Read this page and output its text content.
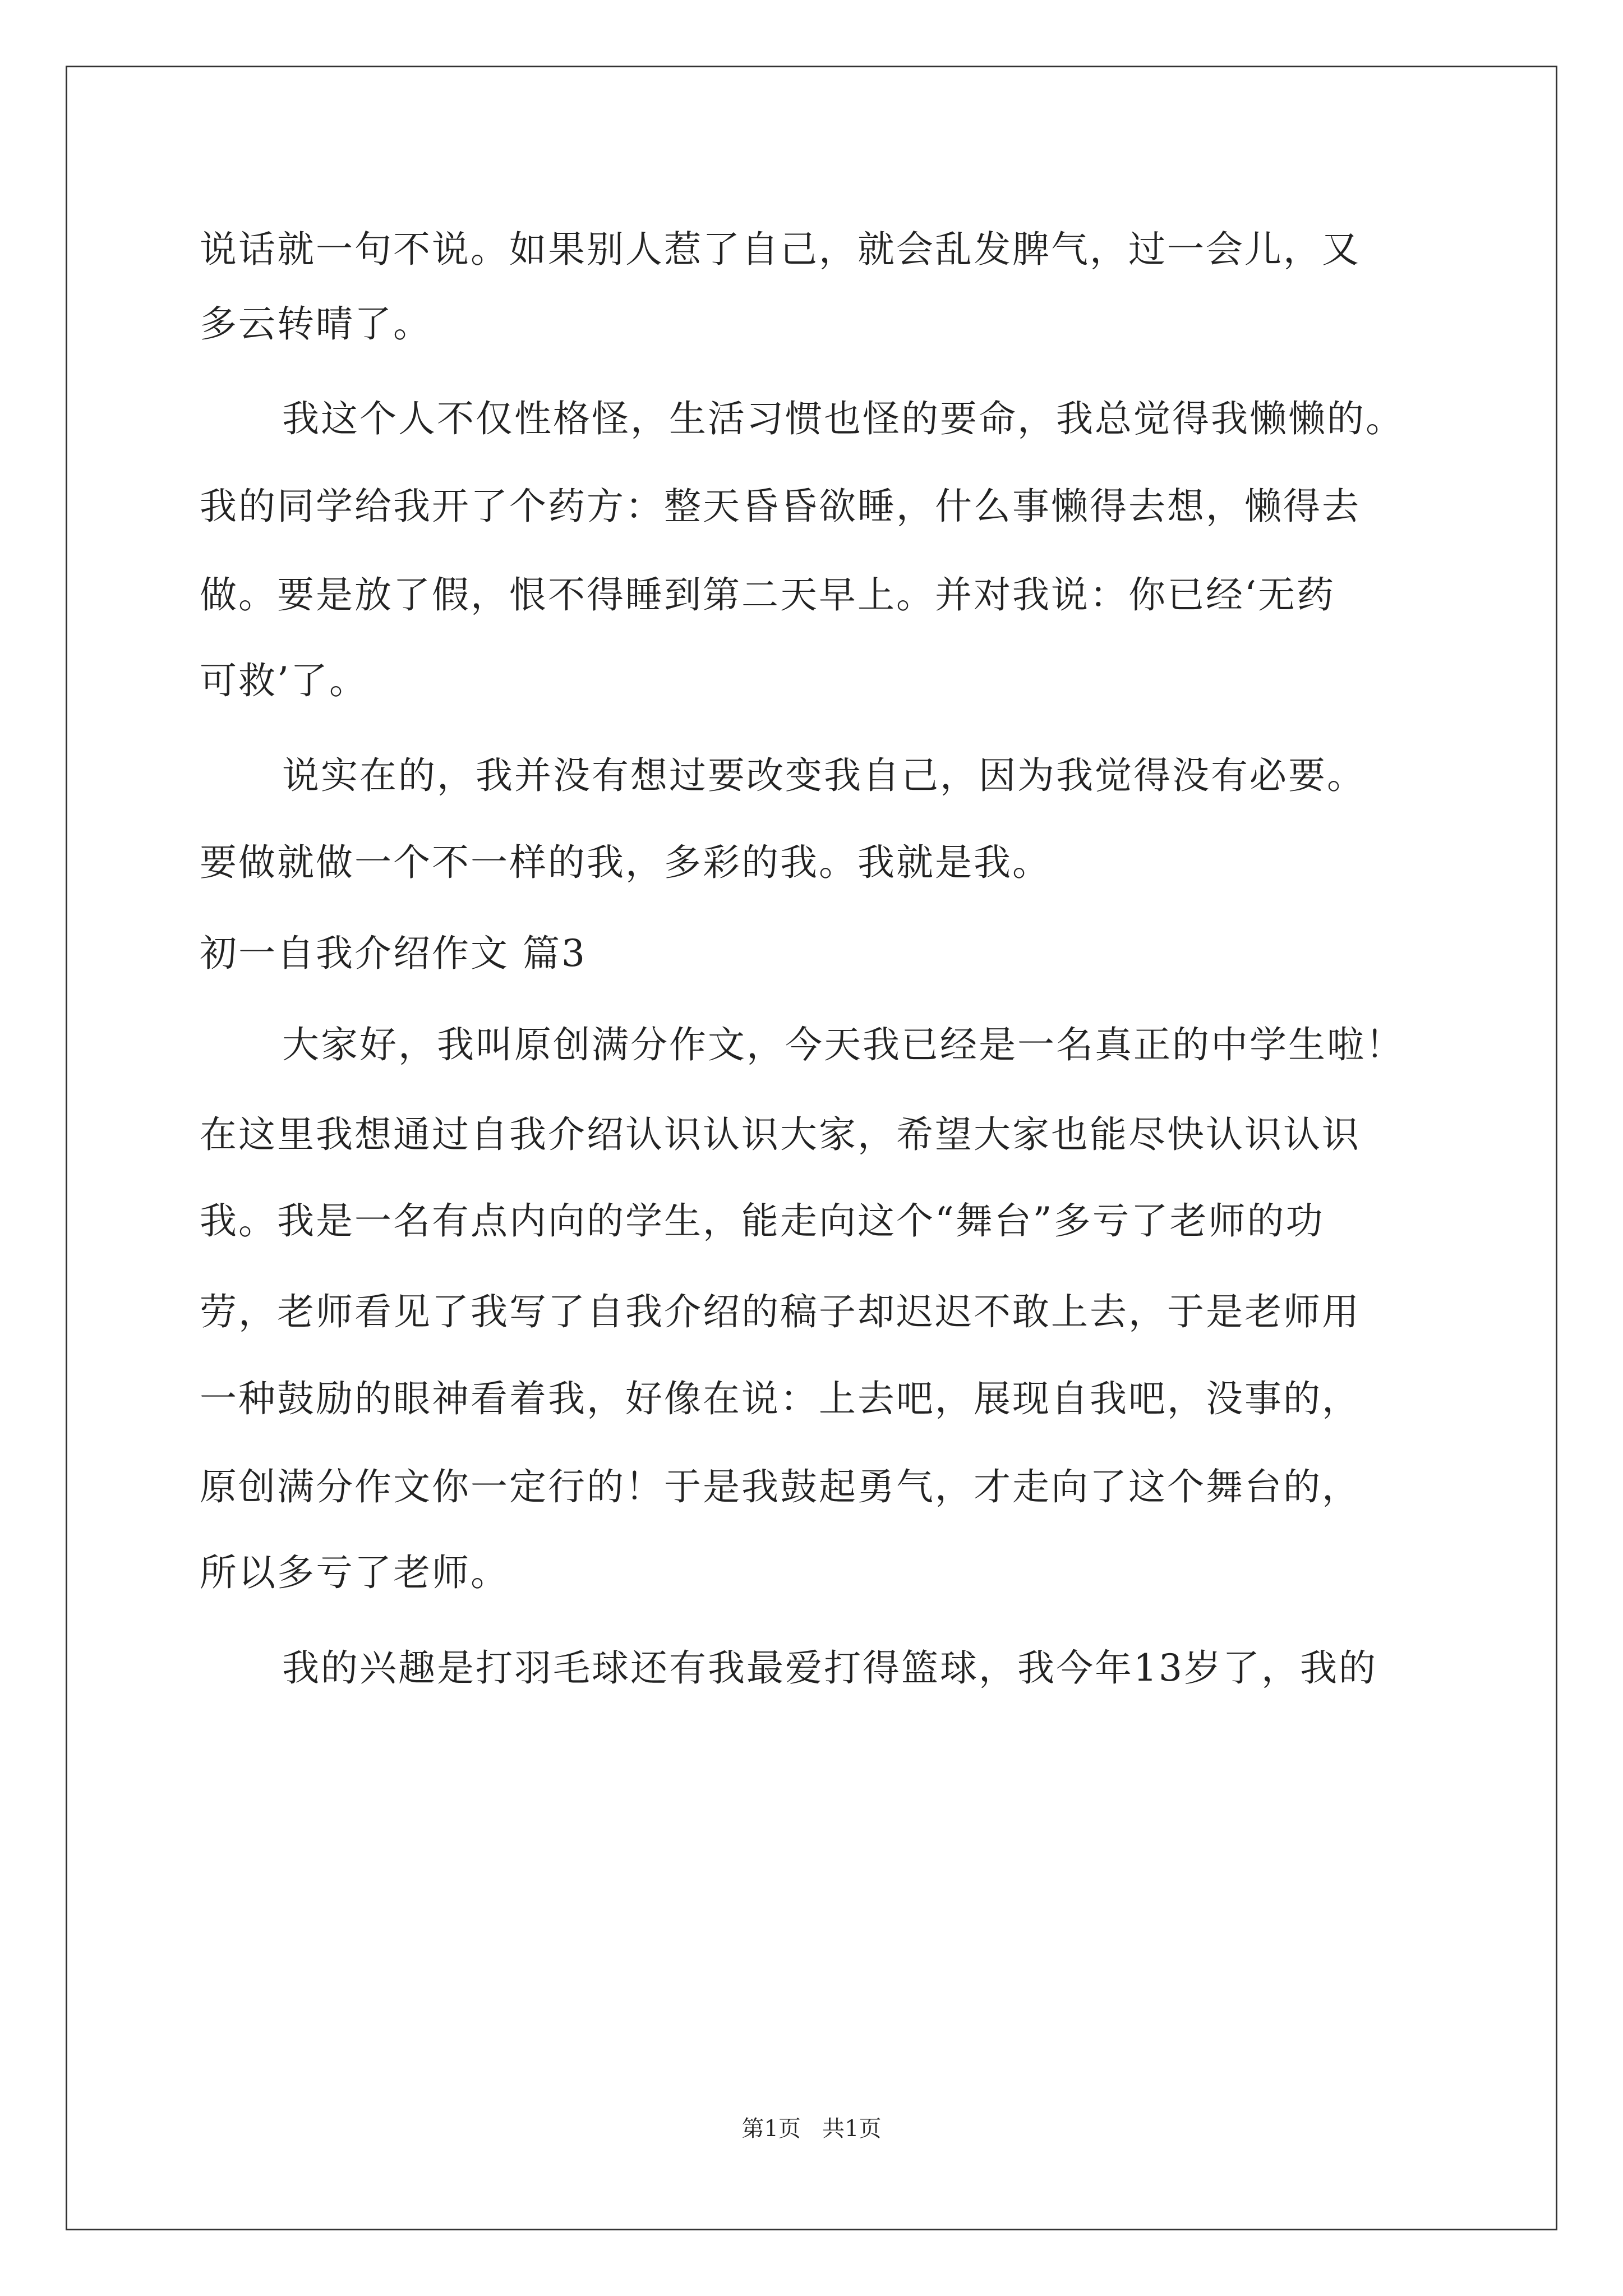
说话就一句不说。如果别人惹了自己，就会乱发脾气，过一会儿，又

多云转晴了。

我这个人不仅性格怪，生活习惯也怪的要命，我总觉得我懒懒的。

我的同学给我开了个药方：整天昏昏欲睡，什么事懒得去想，懒得去

做。要是放了假，恨不得睡到第二天早上。并对我说：你已经‘无药

可救’了。

说实在的，我并没有想过要改变我自己，因为我觉得没有必要。

要做就做一个不一样的我，多彩的我。我就是我。

初一自我介绍作文 篇3

大家好，我叫原创满分作文，今天我已经是一名真正的中学生啦！

在这里我想通过自我介绍认识认识大家，希望大家也能尽快认识认识

我。我是一名有点内向的学生，能走向这个“舞台”多亏了老师的功

劳，老师看见了我写了自我介绍的稿子却迟迟不敢上去，于是老师用

一种鼓励的眼神看着我，好像在说：上去吧，展现自我吧，没事的，

原创满分作文你一定行的！于是我鼓起勇气，才走向了这个舞台的，

所以多亏了老师。

我的兴趣是打羽毛球还有我最爱打得篮球，我今年13岁了，我的

第1页   共1页
